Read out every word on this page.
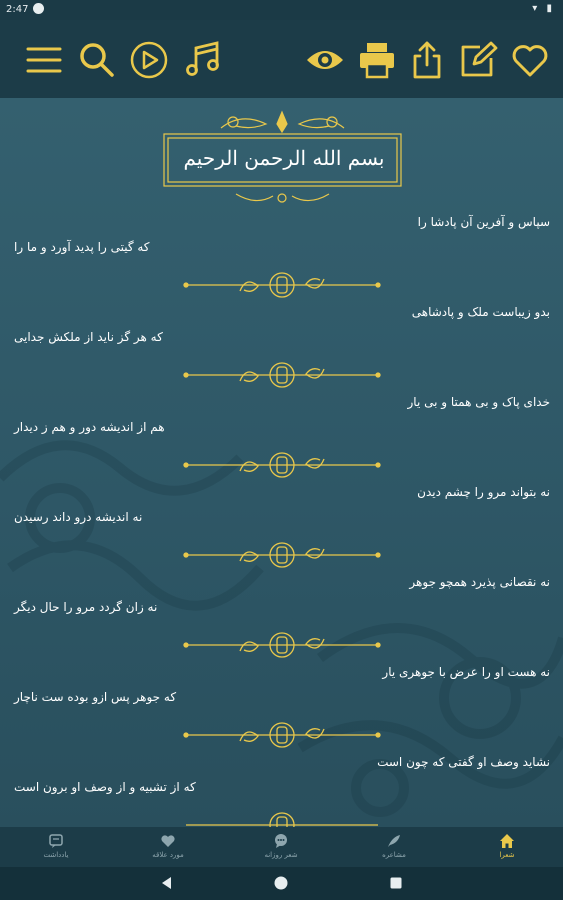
2:47	▾ ▮
بسم الله الرحمن الرحیم
سپاس و آفرین آن پادشا را
که گیتی را پدید آورد و ما را
بدو زیباست ملک و پادشاهی
که هر گز ناید از ملکش جدایی
خدای پاک و بی همتا و بی یار
هم از اندیشه دور و هم ز دیدار
نه بتواند مرو را چشم دیدن
نه اندیشه درو داند رسیدن
نه نقصانی پذیرد همچو جوهر
نه زان گردد مرو را حال دیگر
نه هست او را عرض با جوهری یار
که جوهر پس ازو بوده ست ناچار
نشاید وصف او گفتی که چون است
که از تشبیه و از وصف او برون است
یادداشت	مورد علاقه	شعر روزانه	مشاعره	شعرا
